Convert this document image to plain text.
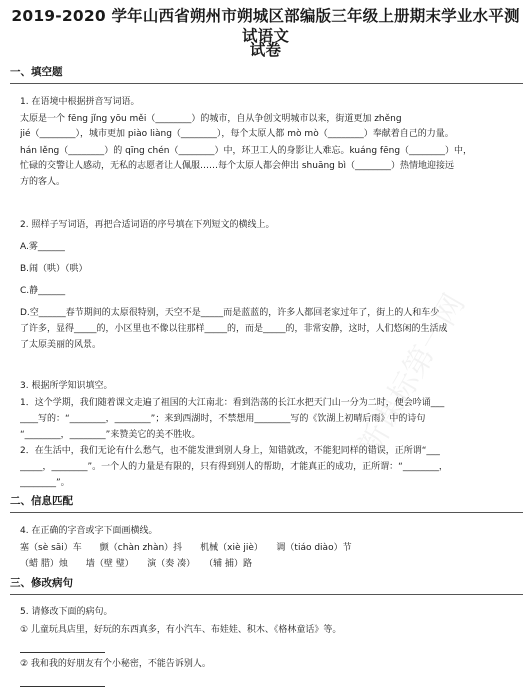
2019-2020 学年山西省朔州市朔城区部编版三年级上册期末学业水平测试语文
试卷
一、填空题
1. 在语境中根据拼音写词语。
太原是一个 fēng jǐng yōu měi（________）的城市，自从争创文明城市以来，街道更加 zhěng
jié（________），城市更加 piào liàng（________），每个太原人都 mò mò（________）奉献着自己的力量。
hán lěng（________）的 qīng chén（________）中，环卫工人的身影让人难忘。kuáng fēng（________）中，
忙碌的交警让人感动，无私的志愿者让人佩服……每个太原人都会伸出 shuāng bì（________）热情地迎接远
方的客人。
2. 照样子写词语，再把合适词语的序号填在下列短文的横线上。
A.雾______
B.闹（哄）（哄）
C.静______
D.空______春节期间的太原很特别，天空不是_____而是蓝蓝的，许多人都回老家过年了，街上的人和车少
了许多，显得_____的，小区里也不像以往那样_____的，而是_____的，非常安静，这时，人们悠闲的生活成
了太原美丽的风景。
3. 根据所学知识填空。
1．这个学期，我们随着课文走遍了祖国的大江南北：看到浩荡的长江水把天门山一分为二时，便会吟诵___
____写的：“________，________”；来到西湖时，不禁想用________写的《饮湖上初晴后雨》中的诗句
“________，________”来赞美它的美不胜收。
2．在生活中，我们无论有什么愁气，也不能发泄到别人身上，知错就改，不能犯同样的错误，正所谓“___
_____，________”。一个人的力量是有限的，只有得到别人的帮助，才能真正的成功，正所谓：“________，
________”。
二、信息匹配
4. 在正确的字音或字下面画横线。
塞（sè sāi）车　　颤（chàn zhàn）抖　　机械（xiè jiè）　　调（tiáo diào）节
（蜡 腊）烛　　墙（壁 璧）　　演（奏 凑）　　（辅 捕）路
三、修改病句
5. 请修改下面的病句。
① 儿童玩具店里，好玩的东西真多，有小汽车、布娃娃、积木、《格林童话》等。
② 我和我的好朋友有个小秘密，不能告诉别人。
新课标第一网
